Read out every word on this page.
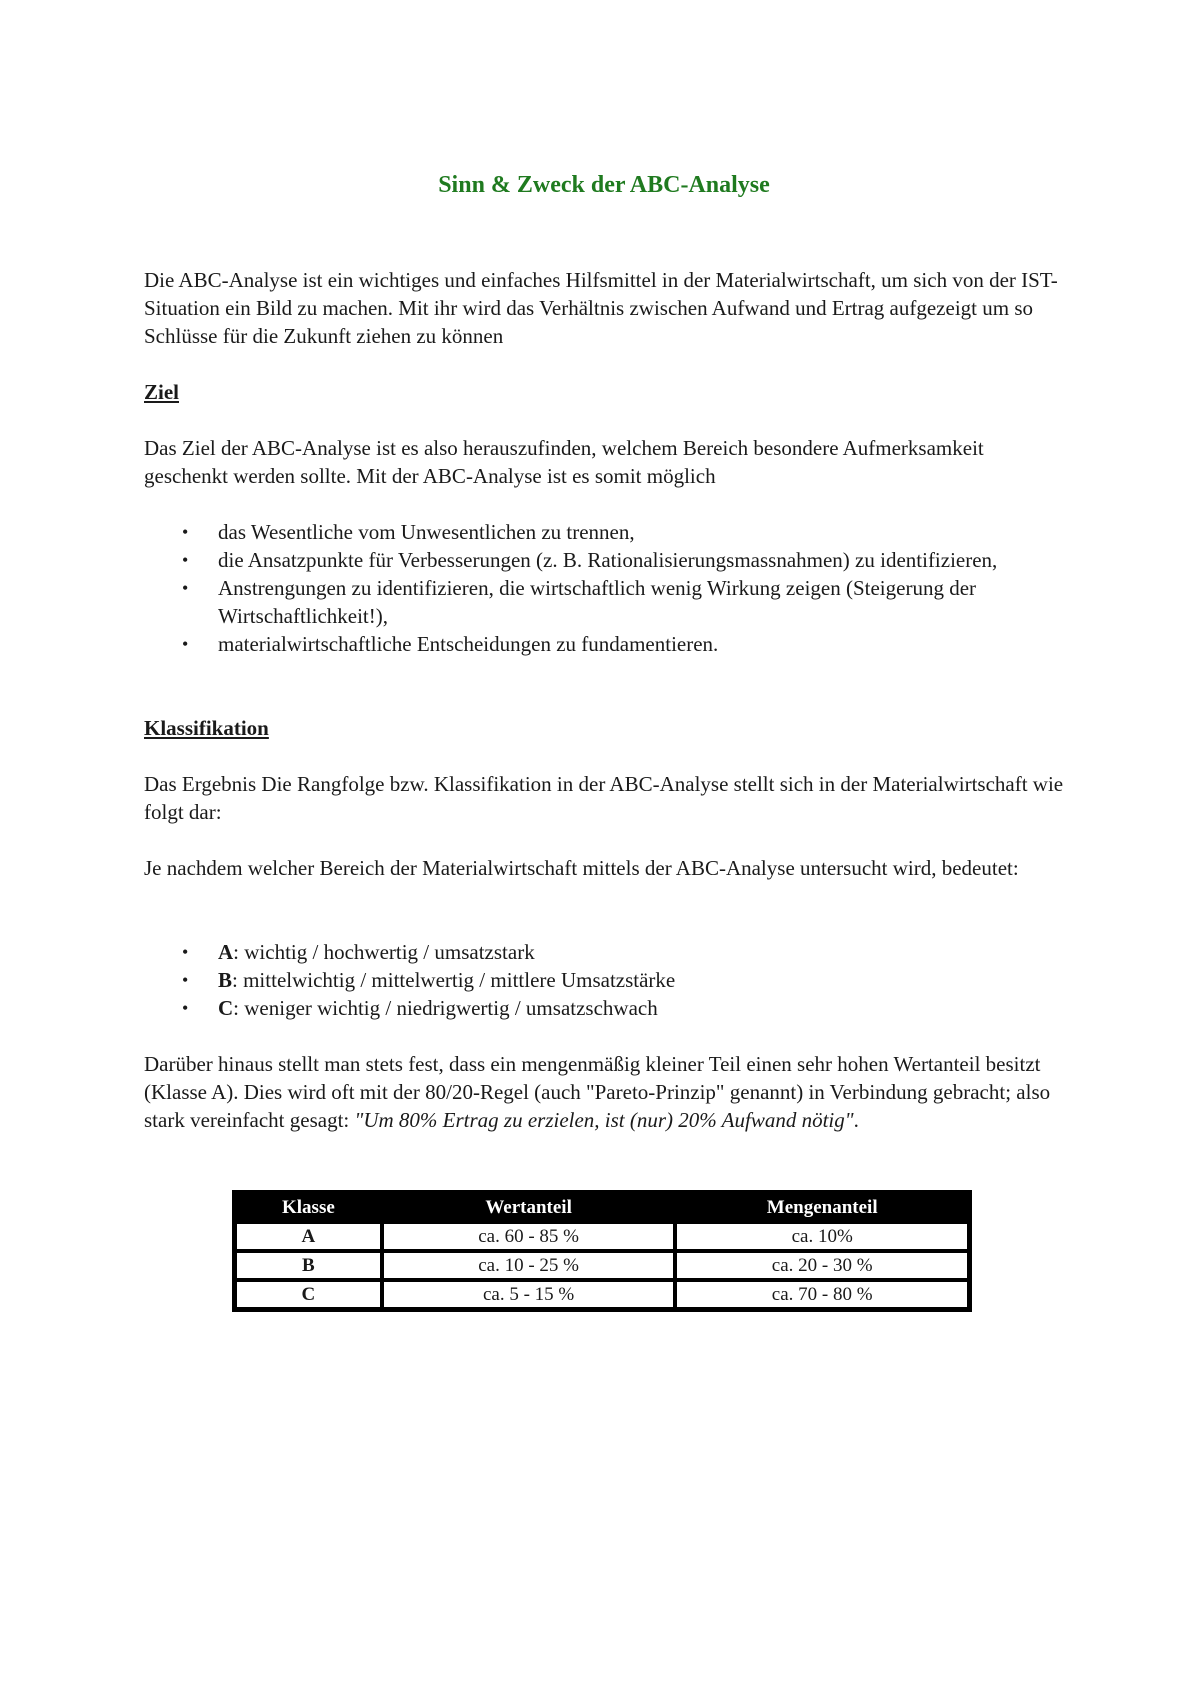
Sinn & Zweck der ABC-Analyse

Die ABC-Analyse ist ein wichtiges und einfaches Hilfsmittel in der Materialwirtschaft, um sich von der IST-Situation ein Bild zu machen. Mit ihr wird das Verhältnis zwischen Aufwand und Ertrag aufgezeigt um so Schlüsse für die Zukunft ziehen zu können

Ziel

Das Ziel der ABC-Analyse ist es also herauszufinden, welchem Bereich besondere Aufmerksamkeit geschenkt werden sollte. Mit der ABC-Analyse ist es somit möglich

• das Wesentliche vom Unwesentlichen zu trennen,
• die Ansatzpunkte für Verbesserungen (z. B. Rationalisierungsmassnahmen) zu identifizieren,
• Anstrengungen zu identifizieren, die wirtschaftlich wenig Wirkung zeigen (Steigerung der Wirtschaftlichkeit!),
• materialwirtschaftliche Entscheidungen zu fundamentieren.
Klassifikation

Das Ergebnis Die Rangfolge bzw. Klassifikation in der ABC-Analyse stellt sich in der Materialwirtschaft wie folgt dar:

Je nachdem welcher Bereich der Materialwirtschaft mittels der ABC-Analyse untersucht wird, bedeutet:

• A: wichtig / hochwertig / umsatzstark
• B: mittelwichtig / mittelwertig / mittlere Umsatzstärke
• C: weniger wichtig / niedrigwertig / umsatzschwach

Darüber hinaus stellt man stets fest, dass ein mengenmäßig kleiner Teil einen sehr hohen Wertanteil besitzt (Klasse A). Dies wird oft mit der 80/20-Regel (auch "Pareto-Prinzip" genannt) in Verbindung gebracht; also stark vereinfacht gesagt: "Um 80% Ertrag zu erzielen, ist (nur) 20% Aufwand nötig".

Klasse	Wertanteil	Mengenanteil
A	ca. 60 - 85 %	ca. 10%
B	ca. 10 - 25 %	ca. 20 - 30 %
C	ca. 5 - 15 %	ca. 70 - 80 %
